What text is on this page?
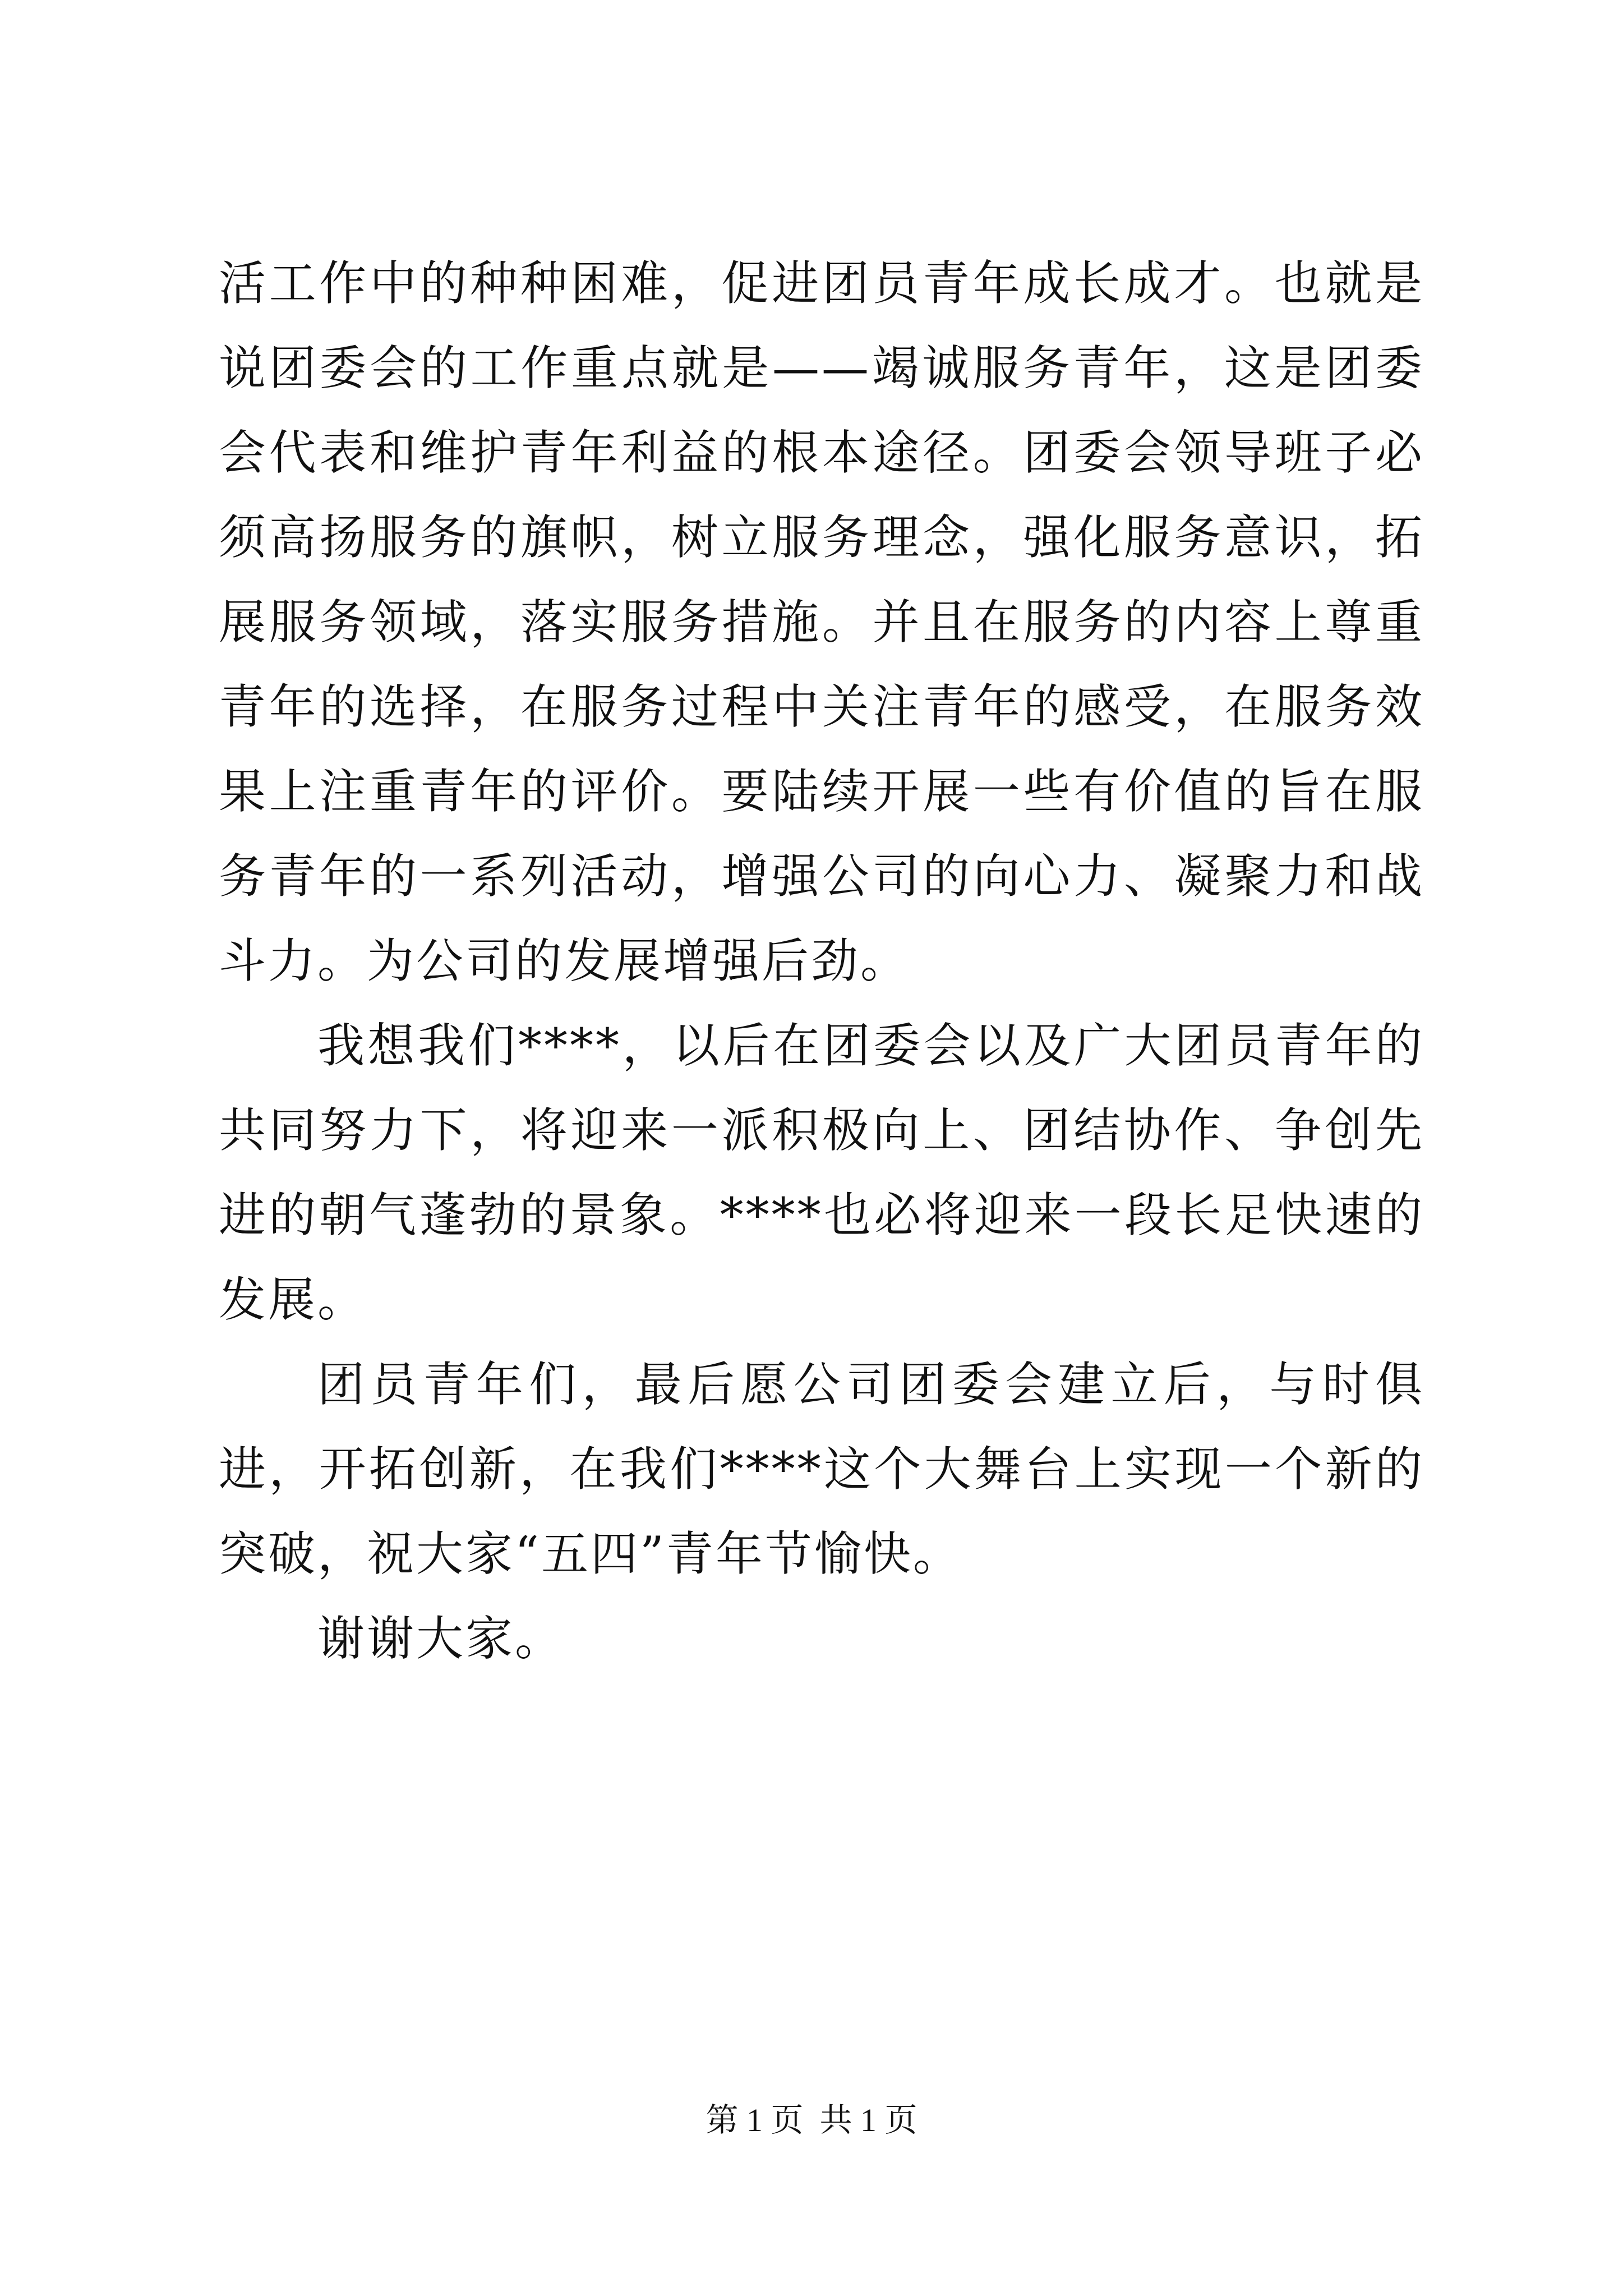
活工作中的种种困难，促进团员青年成长成才。也就是说团委会的工作重点就是——竭诚服务青年，这是团委会代表和维护青年利益的根本途径。团委会领导班子必须高扬服务的旗帜，树立服务理念，强化服务意识，拓展服务领域，落实服务措施。并且在服务的内容上尊重青年的选择，在服务过程中关注青年的感受，在服务效果上注重青年的评价。要陆续开展一些有价值的旨在服务青年的一系列活动，增强公司的向心力、凝聚力和战斗力。为公司的发展增强后劲。

我想我们****，以后在团委会以及广大团员青年的共同努力下，将迎来一派积极向上、团结协作、争创先进的朝气蓬勃的景象。****也必将迎来一段长足快速的发展。

团员青年们，最后愿公司团委会建立后，与时俱进，开拓创新，在我们****这个大舞台上实现一个新的突破，祝大家“五四”青年节愉快。

谢谢大家。

第 1 页  共 1 页
